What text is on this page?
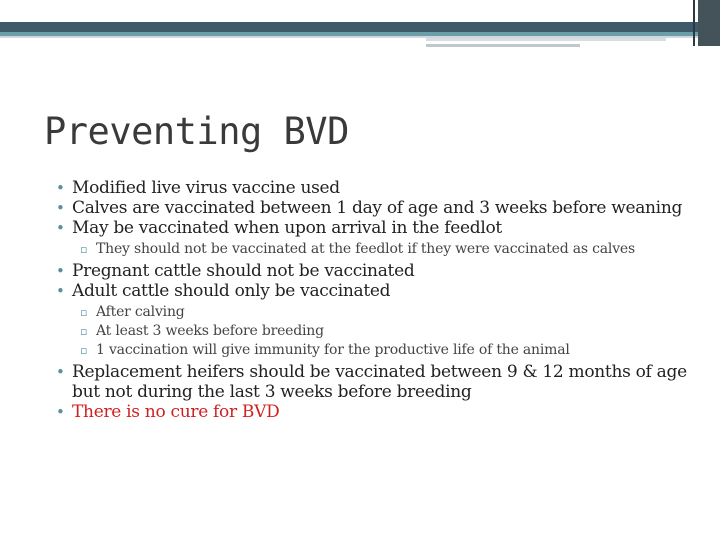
Preventing BVD
• Modified live virus vaccine used
• Calves are vaccinated between 1 day of age and 3 weeks before weaning
• May be vaccinated when upon arrival in the feedlot
▫ They should not be vaccinated at the feedlot if they were vaccinated as calves
• Pregnant cattle should not be vaccinated
• Adult cattle should only be vaccinated
▫ After calving
▫ At least 3 weeks before breeding
▫ 1 vaccination will give immunity for the productive life of the animal
• Replacement heifers should be vaccinated between 9 & 12 months of age but not during the last 3 weeks before breeding
• There is no cure for BVD
